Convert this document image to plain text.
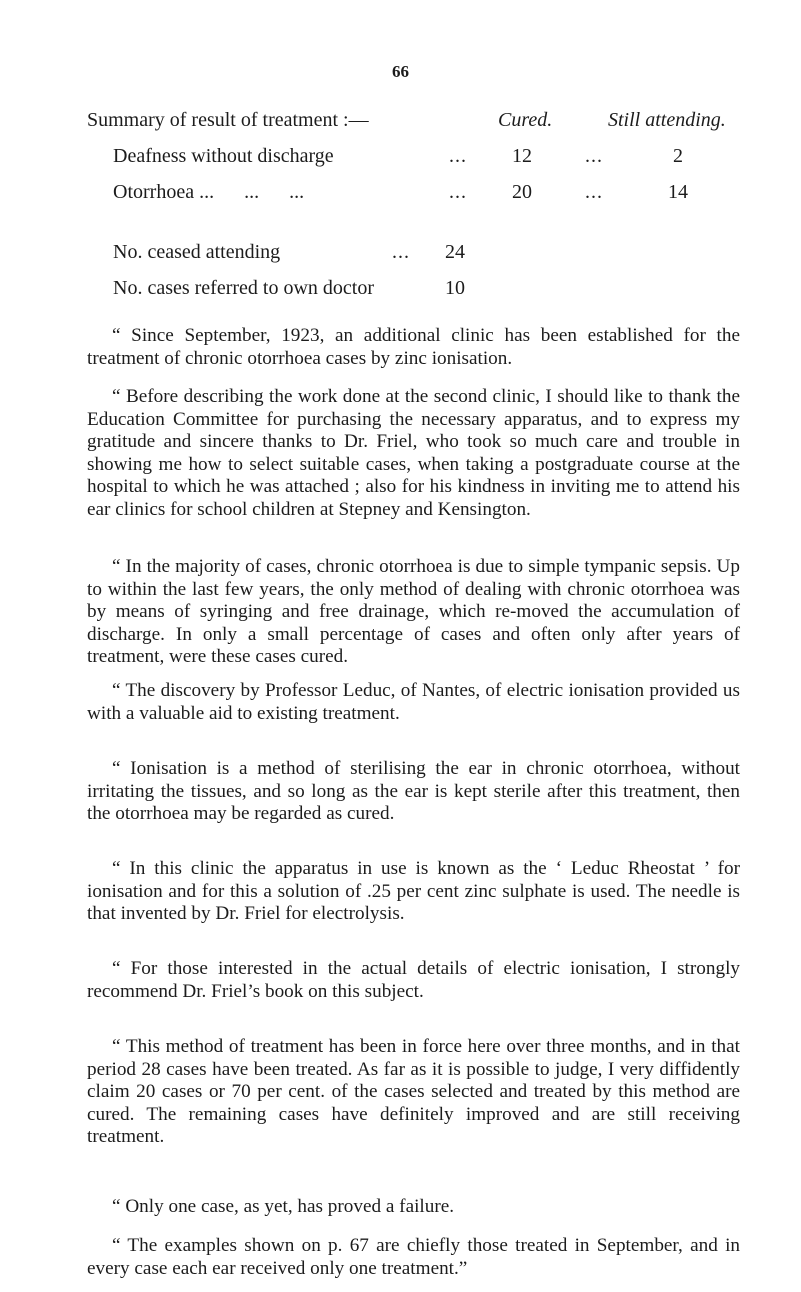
66
Summary of result of treatment :—	Cured.	Still attending.
Deafness without discharge	... 12	...	2
Otorrhoea ...      ...      ...	... 20	...	14
No. ceased attending	... 24
No. cases referred to own doctor	10

“ Since September, 1923, an additional clinic has been established for the treatment of chronic otorrhoea cases by zinc ionisation.

“ Before describing the work done at the second clinic, I should like to thank the Education Committee for purchasing the necessary apparatus, and to express my gratitude and sincere thanks to Dr. Friel, who took so much care and trouble in showing me how to select suitable cases, when taking a postgraduate course at the hospital to which he was attached ; also for his kindness in inviting me to attend his ear clinics for school children at Stepney and Kensington.

“ In the majority of cases, chronic otorrhoea is due to simple tympanic sepsis. Up to within the last few years, the only method of dealing with chronic otorrhoea was by means of syringing and free drainage, which re-moved the accumulation of discharge. In only a small percentage of cases and often only after years of treatment, were these cases cured.

“ The discovery by Professor Leduc, of Nantes, of electric ionisation provided us with a valuable aid to existing treatment.

“ Ionisation is a method of sterilising the ear in chronic otorrhoea, without irritating the tissues, and so long as the ear is kept sterile after this treatment, then the otorrhoea may be regarded as cured.

“ In this clinic the apparatus in use is known as the ‘ Leduc Rheostat ’ for ionisation and for this a solution of .25 per cent zinc sulphate is used. The needle is that invented by Dr. Friel for electrolysis.

“ For those interested in the actual details of electric ionisation, I strongly recommend Dr. Friel’s book on this subject.

“ This method of treatment has been in force here over three months, and in that period 28 cases have been treated. As far as it is possible to judge, I very diffidently claim 20 cases or 70 per cent. of the cases selected and treated by this method are cured. The remaining cases have definitely improved and are still receiving treatment.

“ Only one case, as yet, has proved a failure.

“ The examples shown on p. 67 are chiefly those treated in September, and in every case each ear received only one treatment.”
